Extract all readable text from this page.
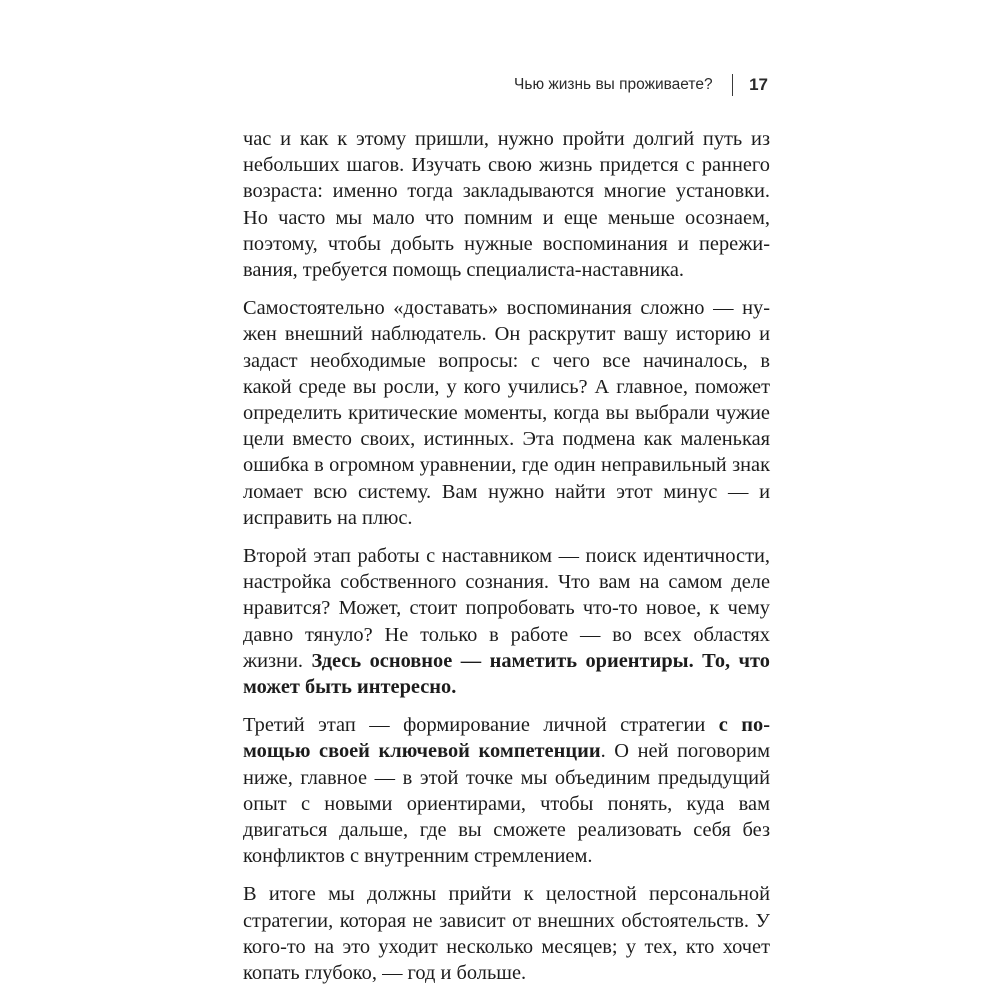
Чью жизнь вы проживаете? 17

час и как к этому пришли, нужно пройти долгий путь из небольших шагов. Изучать свою жизнь придется с раннего возраста: именно тогда закладываются многие установки. Но часто мы мало что помним и еще меньше осознаем, поэтому, чтобы добыть нужные воспоминания и переживания, требуется помощь специалиста-наставника.

Самостоятельно «доставать» воспоминания сложно — нужен внешний наблюдатель. Он раскрутит вашу историю и задаст необходимые вопросы: с чего все начиналось, в какой среде вы росли, у кого учились? А главное, поможет определить критические моменты, когда вы выбрали чужие цели вместо своих, истинных. Эта подмена как маленькая ошибка в огромном уравнении, где один неправильный знак ломает всю систему. Вам нужно найти этот минус — и исправить на плюс.

Второй этап работы с наставником — поиск идентичности, настройка собственного сознания. Что вам на самом деле нравится? Может, стоит попробовать что-то новое, к чему давно тянуло? Не только в работе — во всех областях жизни. Здесь основное — наметить ориентиры. То, что может быть интересно.

Третий этап — формирование личной стратегии с помощью своей ключевой компетенции. О ней поговорим ниже, главное — в этой точке мы объединим предыдущий опыт с новыми ориентирами, чтобы понять, куда вам двигаться дальше, где вы сможете реализовать себя без конфликтов с внутренним стремлением.

В итоге мы должны прийти к целостной персональной стратегии, которая не зависит от внешних обстоятельств. У кого-то на это уходит несколько месяцев; у тех, кто хочет копать глубоко, — год и больше.
